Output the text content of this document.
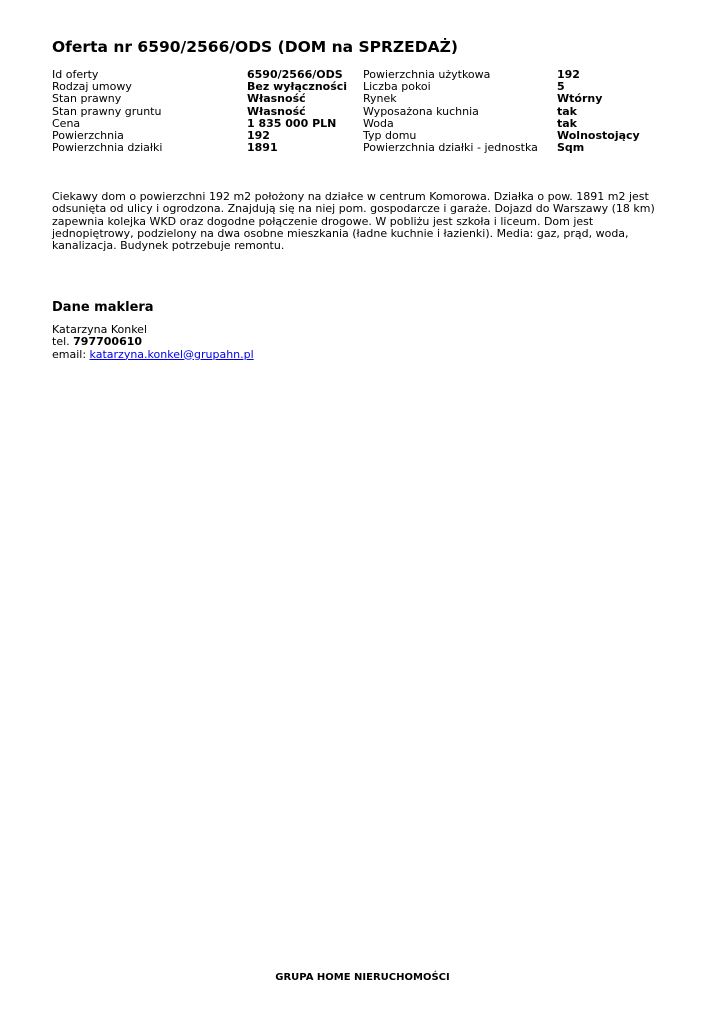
Oferta nr 6590/2566/ODS (DOM na SPRZEDAŻ)
Id oferty	6590/2566/ODS	Powierzchnia użytkowa	192
Rodzaj umowy	Bez wyłączności	Liczba pokoi	5
Stan prawny	Własność	Rynek	Wtórny
Stan prawny gruntu	Własność	Wyposażona kuchnia	tak
Cena	1 835 000 PLN	Woda	tak
Powierzchnia	192	Typ domu	Wolnostojący
Powierzchnia działki	1891	Powierzchnia działki - jednostka	Sqm

Ciekawy dom o powierzchni 192 m2 położony na działce w centrum Komorowa. Działka o pow. 1891 m2 jest odsunięta od ulicy i ogrodzona. Znajdują się na niej pom. gospodarcze i garaże. Dojazd do Warszawy (18 km) zapewnia kolejka WKD oraz dogodne połączenie drogowe. W pobliżu jest szkoła i liceum. Dom jest jednopiętrowy, podzielony na dwa osobne mieszkania (ładne kuchnie i łazienki). Media: gaz, prąd, woda, kanalizacja. Budynek potrzebuje remontu.

Dane maklera
Katarzyna Konkel
tel. 797700610
email: katarzyna.konkel@grupahn.pl
GRUPA HOME NIERUCHOMOŚCI
